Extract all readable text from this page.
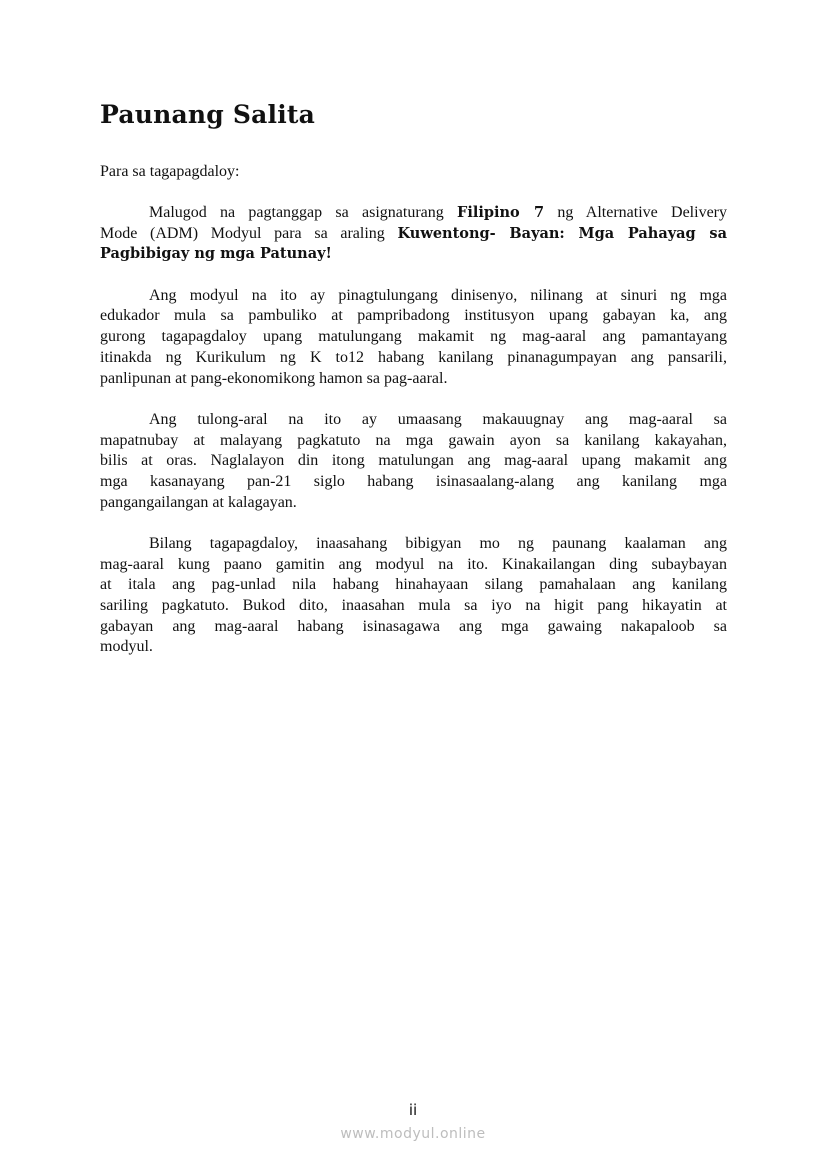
Paunang Salita
Para sa tagapagdaloy:
Malugod na pagtanggap sa asignaturang Filipino 7 ng Alternative Delivery
Mode (ADM) Modyul para sa araling Kuwentong- Bayan: Mga Pahayag sa
Pagbibigay ng mga Patunay!
Ang modyul na ito ay pinagtulungang dinisenyo, nilinang at sinuri ng mga
edukador mula sa pambuliko at pampribadong institusyon upang gabayan ka, ang
gurong tagapagdaloy upang matulungang makamit ng mag-aaral ang pamantayang
itinakda ng Kurikulum ng K to12 habang kanilang pinanagumpayan ang pansarili,
panlipunan at pang-ekonomikong hamon sa pag-aaral.
Ang tulong-aral na ito ay umaasang makauugnay ang mag-aaral sa
mapatnubay at malayang pagkatuto na mga gawain ayon sa kanilang kakayahan,
bilis at oras. Naglalayon din itong matulungan ang mag-aaral upang makamit ang
mga kasanayang pan-21 siglo habang isinasaalang-alang ang kanilang mga
pangangailangan at kalagayan.
Bilang tagapagdaloy, inaasahang bibigyan mo ng paunang kaalaman ang
mag-aaral kung paano gamitin ang modyul na ito. Kinakailangan ding subaybayan
at itala ang pag-unlad nila habang hinahayaan silang pamahalaan ang kanilang
sariling pagkatuto. Bukod dito, inaasahan mula sa iyo na higit pang hikayatin at
gabayan ang mag-aaral habang isinasagawa ang mga gawaing nakapaloob sa
modyul.
ii
www.modyul.online
